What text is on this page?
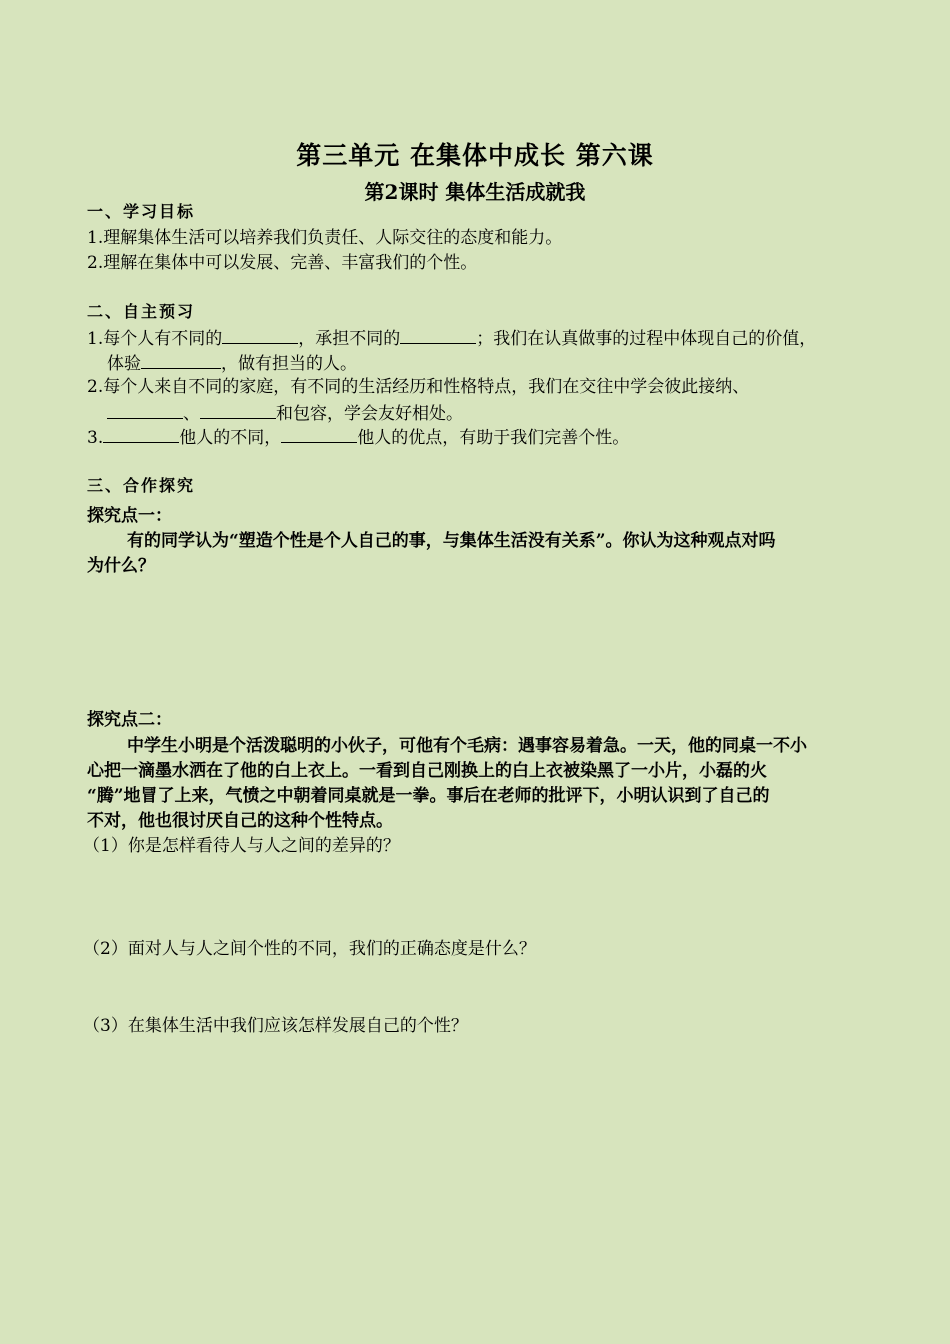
第三单元 在集体中成长 第六课
第2课时 集体生活成就我
一、学习目标
1.理解集体生活可以培养我们负责任、人际交往的态度和能力。
2.理解在集体中可以发展、完善、丰富我们的个性。
二、自主预习
1.每个人有不同的	，承担不同的	；我们在认真做事的过程中体现自己的价值，
体验	，做有担当的人。
2.每个人来自不同的家庭，有不同的生活经历和性格特点，我们在交往中学会彼此接纳、
、	和包容，学会友好相处。
3.	他人的不同，	他人的优点，有助于我们完善个性。
三、合作探究
探究点一：
有的同学认为“塑造个性是个人自己的事，与集体生活没有关系”。你认为这种观点对吗
为什么？
探究点二：
中学生小明是个活泼聪明的小伙子，可他有个毛病：遇事容易着急。一天，他的同桌一不小
心把一滴墨水洒在了他的白上衣上。一看到自己刚换上的白上衣被染黑了一小片，小磊的火
“腾”地冒了上来，气愤之中朝着同桌就是一拳。事后在老师的批评下，小明认识到了自己的
不对，他也很讨厌自己的这种个性特点。
（1）你是怎样看待人与人之间的差异的？
（2）面对人与人之间个性的不同，我们的正确态度是什么？
（3）在集体生活中我们应该怎样发展自己的个性？
